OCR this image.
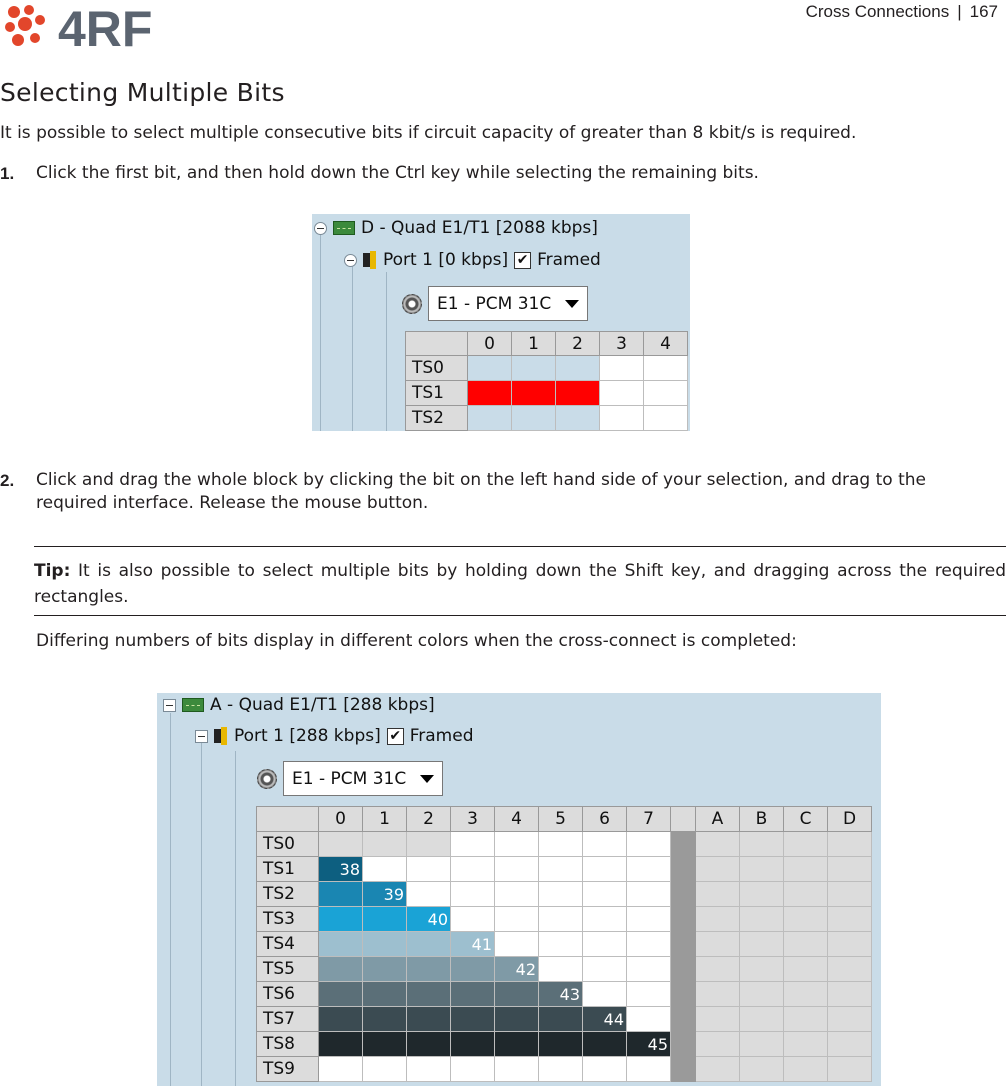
4RF	Cross Connections | 167
Selecting Multiple Bits

It is possible to select multiple consecutive bits if circuit capacity of greater than 8 kbit/s is required.

1. Click the first bit, and then hold down the Ctrl key while selecting the remaining bits.
D - Quad E1/T1 [2088 kbps]
Port 1 [0 kbps] ✔ Framed
E1 - PCM 31C
	0	1	2	3	4
TS0					
TS1					
TS2					
2. Click and drag the whole block by clicking the bit on the left hand side of your selection, and drag to the required interface. Release the mouse button.
Tip: It is also possible to select multiple bits by holding down the Shift key, and dragging across the required rectangles.

Differing numbers of bits display in different colors when the cross-connect is completed:

A - Quad E1/T1 [288 kbps]
Port 1 [288 kbps] ✔ Framed
E1 - PCM 31C
	0	1	2	3	4	5	6	7		A	B	C	D
TS0													
TS1	38												
TS2		39											
TS3			40										
TS4				41									
TS5					42								
TS6						43							
TS7							44						
TS8								45					
TS9													
